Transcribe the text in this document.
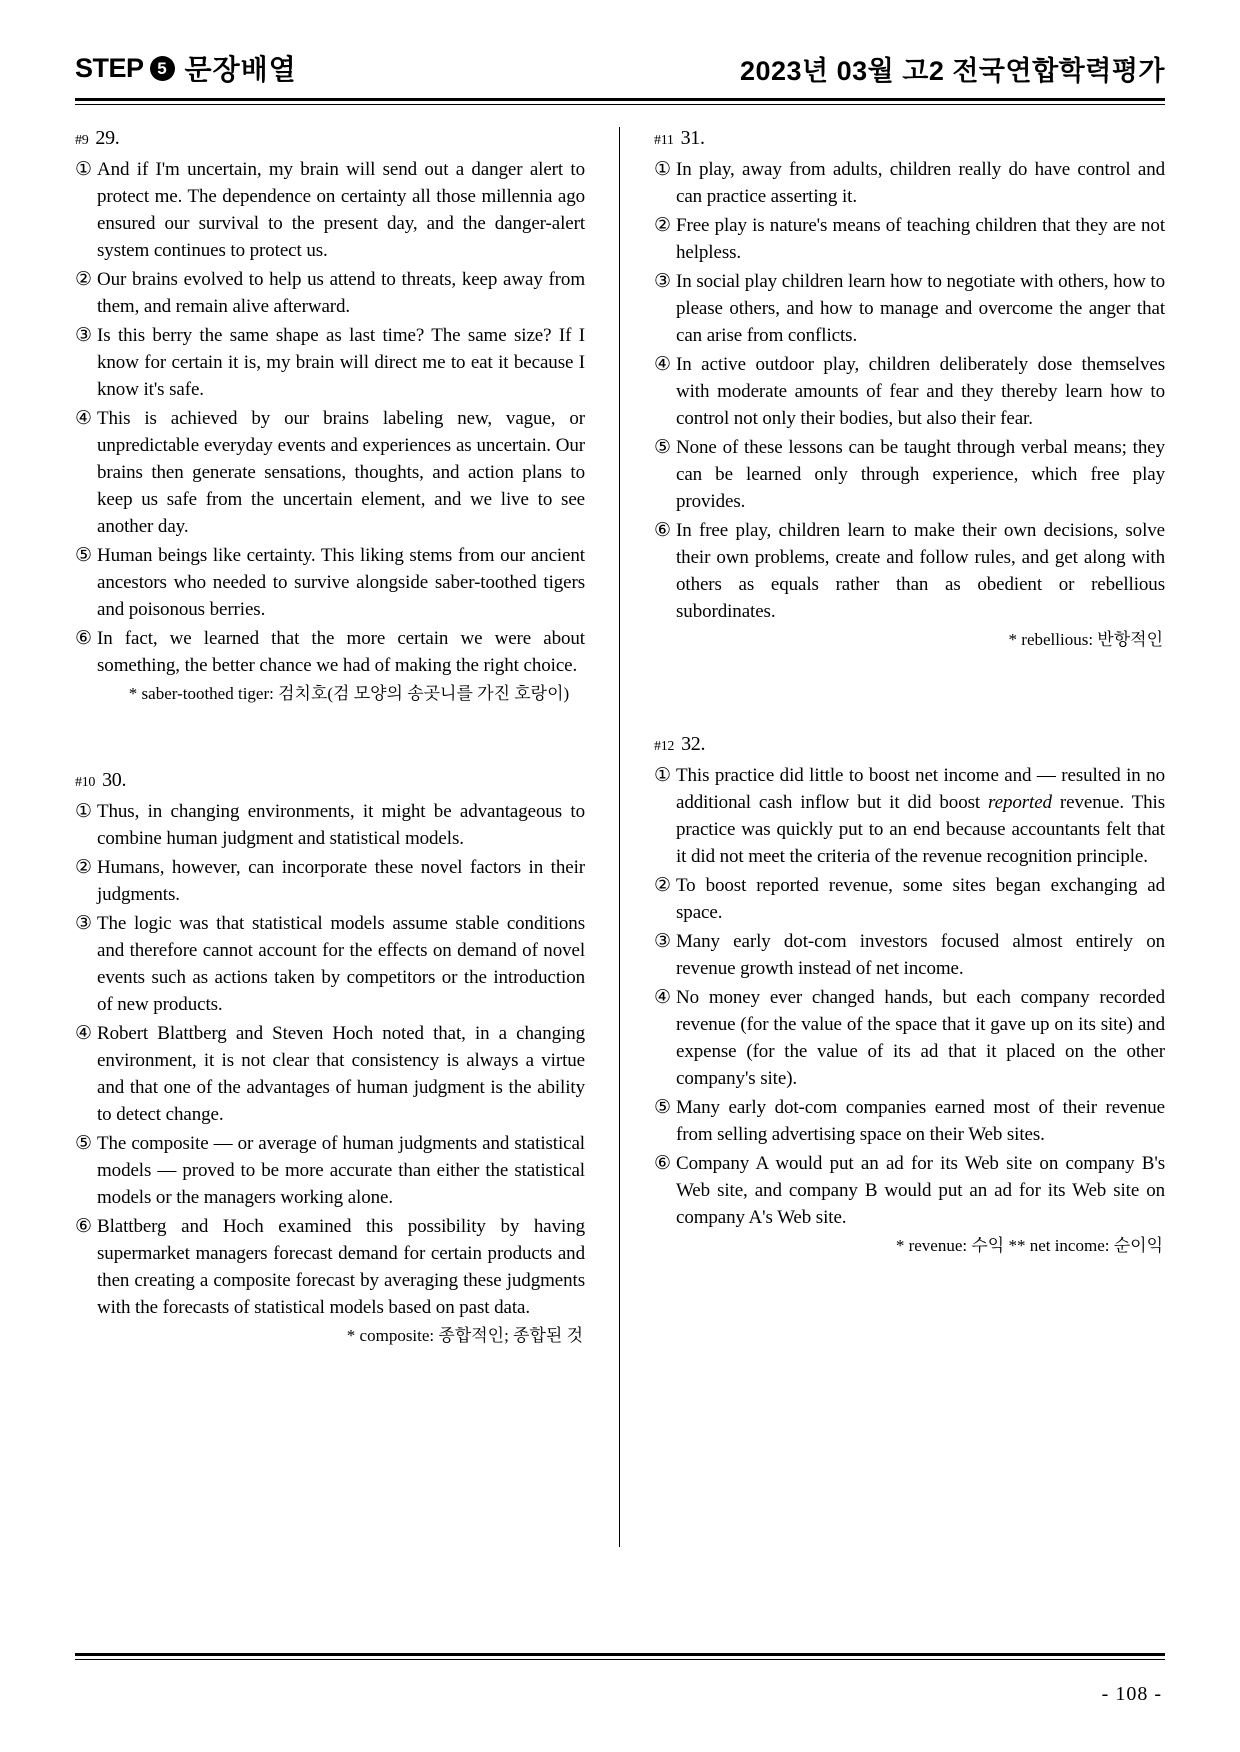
STEP 5 문장배열	2023년 03월 고2 전국연합학력평가
#9 29.
① And if I'm uncertain, my brain will send out a danger alert to protect me. The dependence on certainty all those millennia ago ensured our survival to the present day, and the danger-alert system continues to protect us.
② Our brains evolved to help us attend to threats, keep away from them, and remain alive afterward.
③ Is this berry the same shape as last time? The same size? If I know for certain it is, my brain will direct me to eat it because I know it's safe.
④ This is achieved by our brains labeling new, vague, or unpredictable everyday events and experiences as uncertain. Our brains then generate sensations, thoughts, and action plans to keep us safe from the uncertain element, and we live to see another day.
⑤ Human beings like certainty. This liking stems from our ancient ancestors who needed to survive alongside saber-toothed tigers and poisonous berries.
⑥ In fact, we learned that the more certain we were about something, the better chance we had of making the right choice.
* saber-toothed tiger: 검치호(검 모양의 송곳니를 가진 호랑이)
#10 30.
① Thus, in changing environments, it might be advantageous to combine human judgment and statistical models.
② Humans, however, can incorporate these novel factors in their judgments.
③ The logic was that statistical models assume stable conditions and therefore cannot account for the effects on demand of novel events such as actions taken by competitors or the introduction of new products.
④ Robert Blattberg and Steven Hoch noted that, in a changing environment, it is not clear that consistency is always a virtue and that one of the advantages of human judgment is the ability to detect change.
⑤ The composite — or average of human judgments and statistical models — proved to be more accurate than either the statistical models or the managers working alone.
⑥ Blattberg and Hoch examined this possibility by having supermarket managers forecast demand for certain products and then creating a composite forecast by averaging these judgments with the forecasts of statistical models based on past data.
* composite: 종합적인; 종합된 것
#11 31.
① In play, away from adults, children really do have control and can practice asserting it.
② Free play is nature's means of teaching children that they are not helpless.
③ In social play children learn how to negotiate with others, how to please others, and how to manage and overcome the anger that can arise from conflicts.
④ In active outdoor play, children deliberately dose themselves with moderate amounts of fear and they thereby learn how to control not only their bodies, but also their fear.
⑤ None of these lessons can be taught through verbal means; they can be learned only through experience, which free play provides.
⑥ In free play, children learn to make their own decisions, solve their own problems, create and follow rules, and get along with others as equals rather than as obedient or rebellious subordinates.
* rebellious: 반항적인
#12 32.
① This practice did little to boost net income and — resulted in no additional cash inflow but it did boost reported revenue. This practice was quickly put to an end because accountants felt that it did not meet the criteria of the revenue recognition principle.
② To boost reported revenue, some sites began exchanging ad space.
③ Many early dot-com investors focused almost entirely on revenue growth instead of net income.
④ No money ever changed hands, but each company recorded revenue (for the value of the space that it gave up on its site) and expense (for the value of its ad that it placed on the other company's site).
⑤ Many early dot-com companies earned most of their revenue from selling advertising space on their Web sites.
⑥ Company A would put an ad for its Web site on company B's Web site, and company B would put an ad for its Web site on company A's Web site.
* revenue: 수익 ** net income: 순이익
- 108 -
